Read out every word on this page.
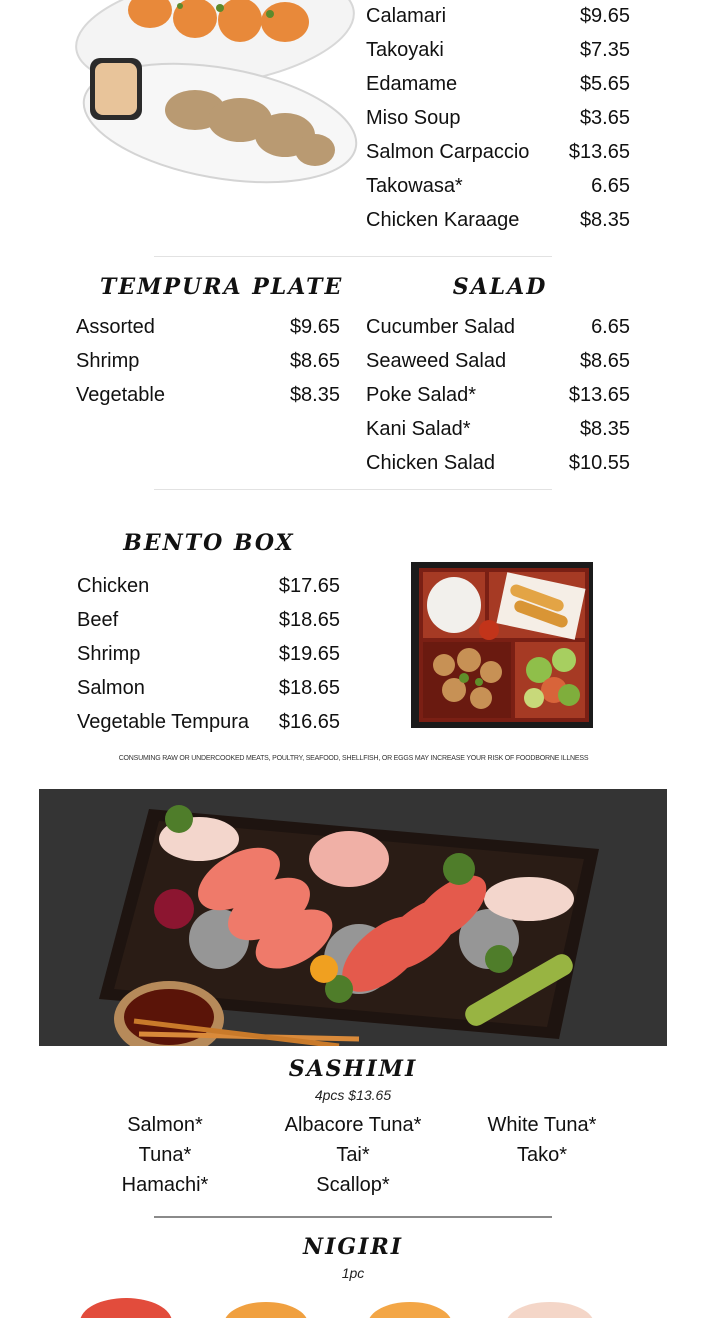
Calamari	$9.65
Takoyaki	$7.35
Edamame	$5.65
Miso Soup	$3.65
Salmon Carpaccio	$13.65
Takowasa*	6.65
Chicken Karaage	$8.35
TEMPURA PLATE
Assorted	$9.65
Shrimp	$8.65
Vegetable	$8.35
SALAD
Cucumber Salad	6.65
Seaweed Salad	$8.65
Poke Salad*	$13.65
Kani Salad*	$8.35
Chicken Salad	$10.55
BENTO BOX
Chicken	$17.65
Beef	$18.65
Shrimp	$19.65
Salmon	$18.65
Vegetable Tempura	$16.65
CONSUMING RAW OR UNDERCOOKED MEATS, POULTRY, SEAFOOD, SHELLFISH, OR EGGS MAY INCREASE YOUR RISK OF FOODBORNE ILLNESS
SASHIMI
4pcs $13.65
Salmon*
Tuna*
Hamachi*
Albacore Tuna*
Tai*
Scallop*
White Tuna*
Tako*
NIGIRI
1pc
